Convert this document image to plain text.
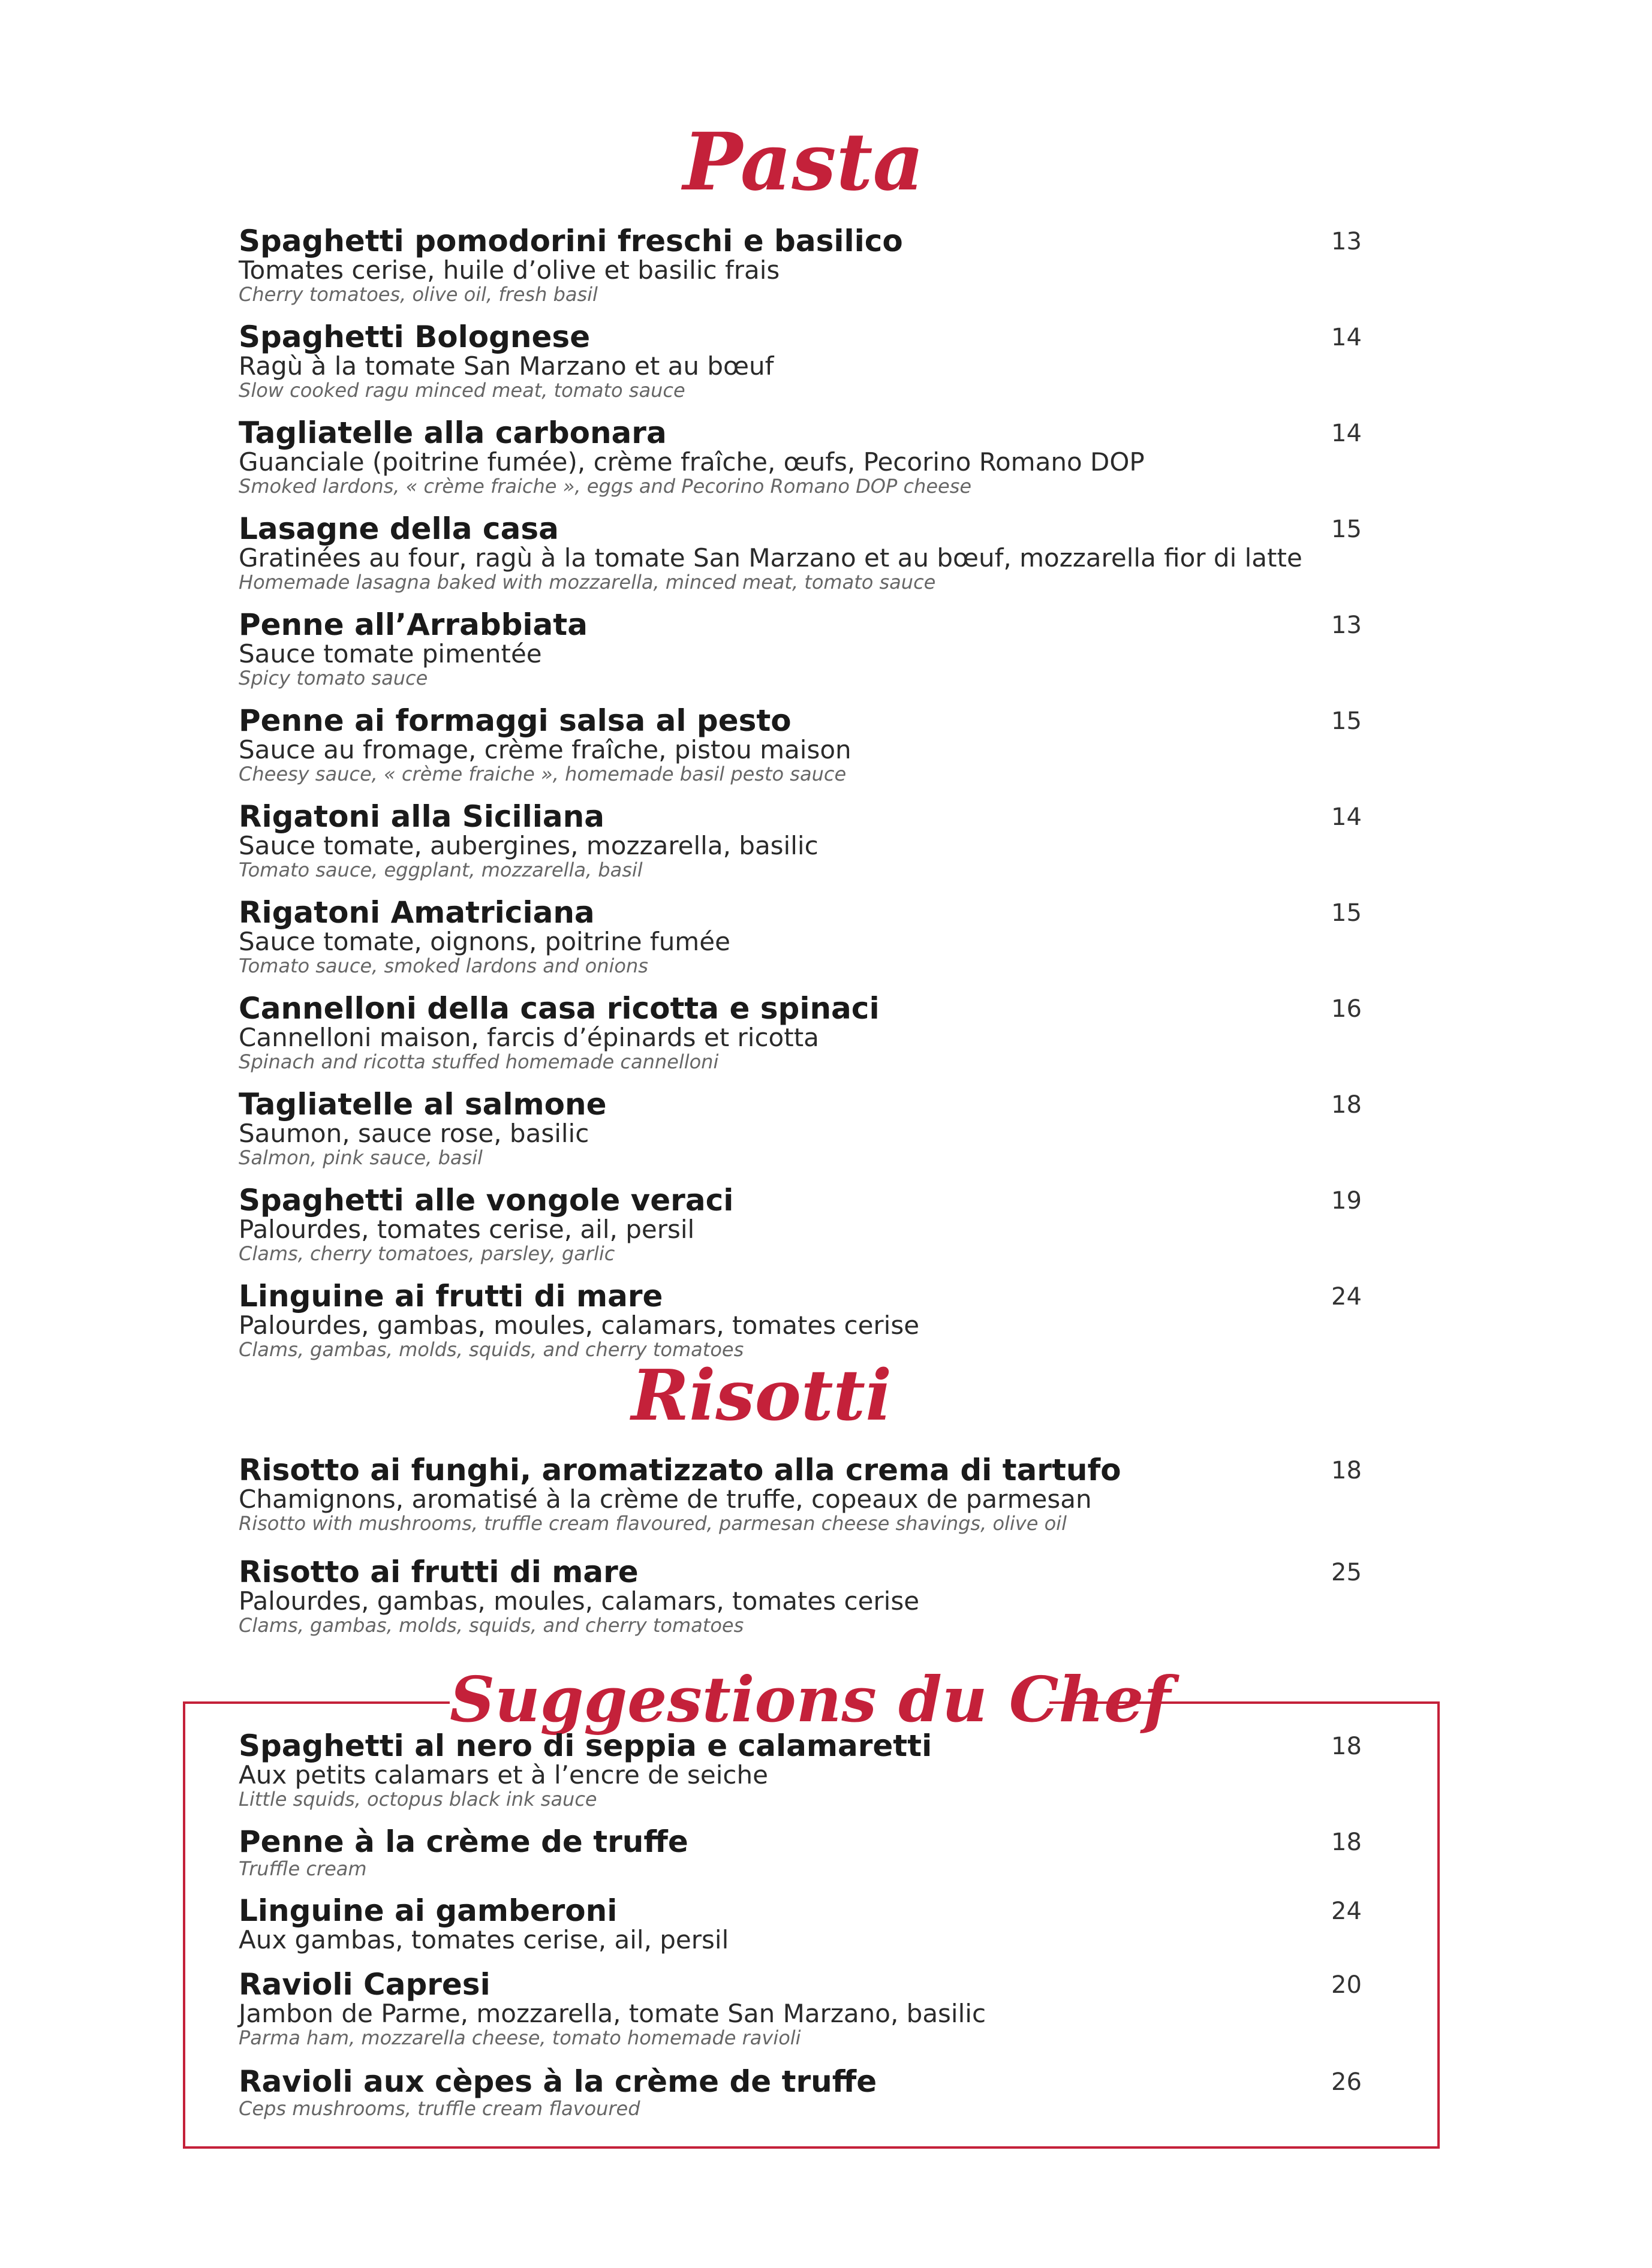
Pasta
Spaghetti pomodorini freschi e basilico
Tomates cerise, huile d’olive et basilic frais
Cherry tomatoes, olive oil, fresh basil
13
Spaghetti Bolognese
Ragù à la tomate San Marzano et au bœuf
Slow cooked ragu minced meat, tomato sauce
14
Tagliatelle alla carbonara
Guanciale (poitrine fumée), crème fraîche, œufs, Pecorino Romano DOP
Smoked lardons, « crème fraiche », eggs and Pecorino Romano DOP cheese
14
Lasagne della casa
Gratinées au four, ragù à la tomate San Marzano et au bœuf, mozzarella fior di latte
Homemade lasagna baked with mozzarella, minced meat, tomato sauce
15
Penne all’Arrabbiata
Sauce tomate pimentée
Spicy tomato sauce
13
Penne ai formaggi salsa al pesto
Sauce au fromage, crème fraîche, pistou maison
Cheesy sauce, « crème fraiche », homemade basil pesto sauce
15
Rigatoni alla Siciliana
Sauce tomate, aubergines, mozzarella, basilic
Tomato sauce, eggplant, mozzarella, basil
14
Rigatoni Amatriciana
Sauce tomate, oignons, poitrine fumée
Tomato sauce, smoked lardons and onions
15
Cannelloni della casa ricotta e spinaci
Cannelloni maison, farcis d’épinards et ricotta
Spinach and ricotta stuffed homemade cannelloni
16
Tagliatelle al salmone
Saumon, sauce rose, basilic
Salmon, pink sauce, basil
18
Spaghetti alle vongole veraci
Palourdes, tomates cerise, ail, persil
Clams, cherry tomatoes, parsley, garlic
19
Linguine ai frutti di mare
Palourdes, gambas, moules, calamars, tomates cerise
Clams, gambas, molds, squids, and cherry tomatoes
24
Risotti
Risotto ai funghi, aromatizzato alla crema di tartufo
Chamignons, aromatisé à la crème de truffe, copeaux de parmesan
Risotto with mushrooms, truffle cream flavoured, parmesan cheese shavings, olive oil
18
Risotto ai frutti di mare
Palourdes, gambas, moules, calamars, tomates cerise
Clams, gambas, molds, squids, and cherry tomatoes
25
Suggestions du Chef
Spaghetti al nero di seppia e calamaretti
Aux petits calamars et à l’encre de seiche
Little squids, octopus black ink sauce
18
Penne à la crème de truffe
Truffle cream
18
Linguine ai gamberoni
Aux gambas, tomates cerise, ail, persil
24
Ravioli Capresi
Jambon de Parme, mozzarella, tomate San Marzano, basilic
Parma ham, mozzarella cheese, tomato homemade ravioli
20
Ravioli aux cèpes à la crème de truffe
Ceps mushrooms, truffle cream flavoured
26
